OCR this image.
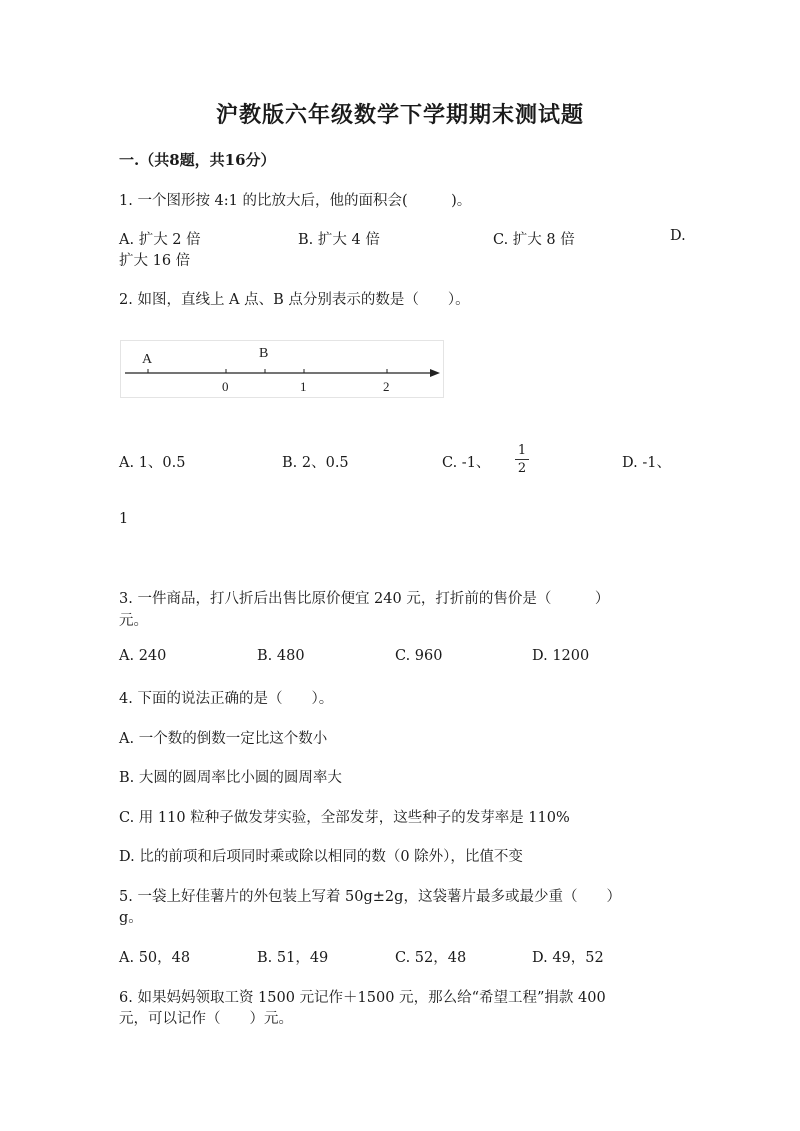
沪教版六年级数学下学期期末测试题
一.（共8题，共16分）
1. 一个图形按 4:1 的比放大后，他的面积会(　　　)。
A. 扩大 2 倍	B. 扩大 4 倍	C. 扩大 8 倍	D.
扩大 16 倍
2. 如图，直线上 A 点、B 点分别表示的数是（　　）。
A	B
0	1	2
A. 1、0.5	B. 2、0.5	C. -1、
1
2	D. -1、
1
3. 一件商品，打八折后出售比原价便宜 240 元，打折前的售价是（　　　）
元。
A. 240	B. 480	C. 960	D. 1200
4. 下面的说法正确的是（　　）。
A. 一个数的倒数一定比这个数小
B. 大圆的圆周率比小圆的圆周率大
C. 用 110 粒种子做发芽实验，全部发芽，这些种子的发芽率是 110%
D. 比的前项和后项同时乘或除以相同的数（0 除外），比值不变
5. 一袋上好佳薯片的外包装上写着 50g±2g，这袋薯片最多或最少重（　　）
g。
A. 50，48	B. 51，49	C. 52，48	D. 49，52
6. 如果妈妈领取工资 1500 元记作＋1500 元，那么给“希望工程”捐款 400
元，可以记作（　　）元。
